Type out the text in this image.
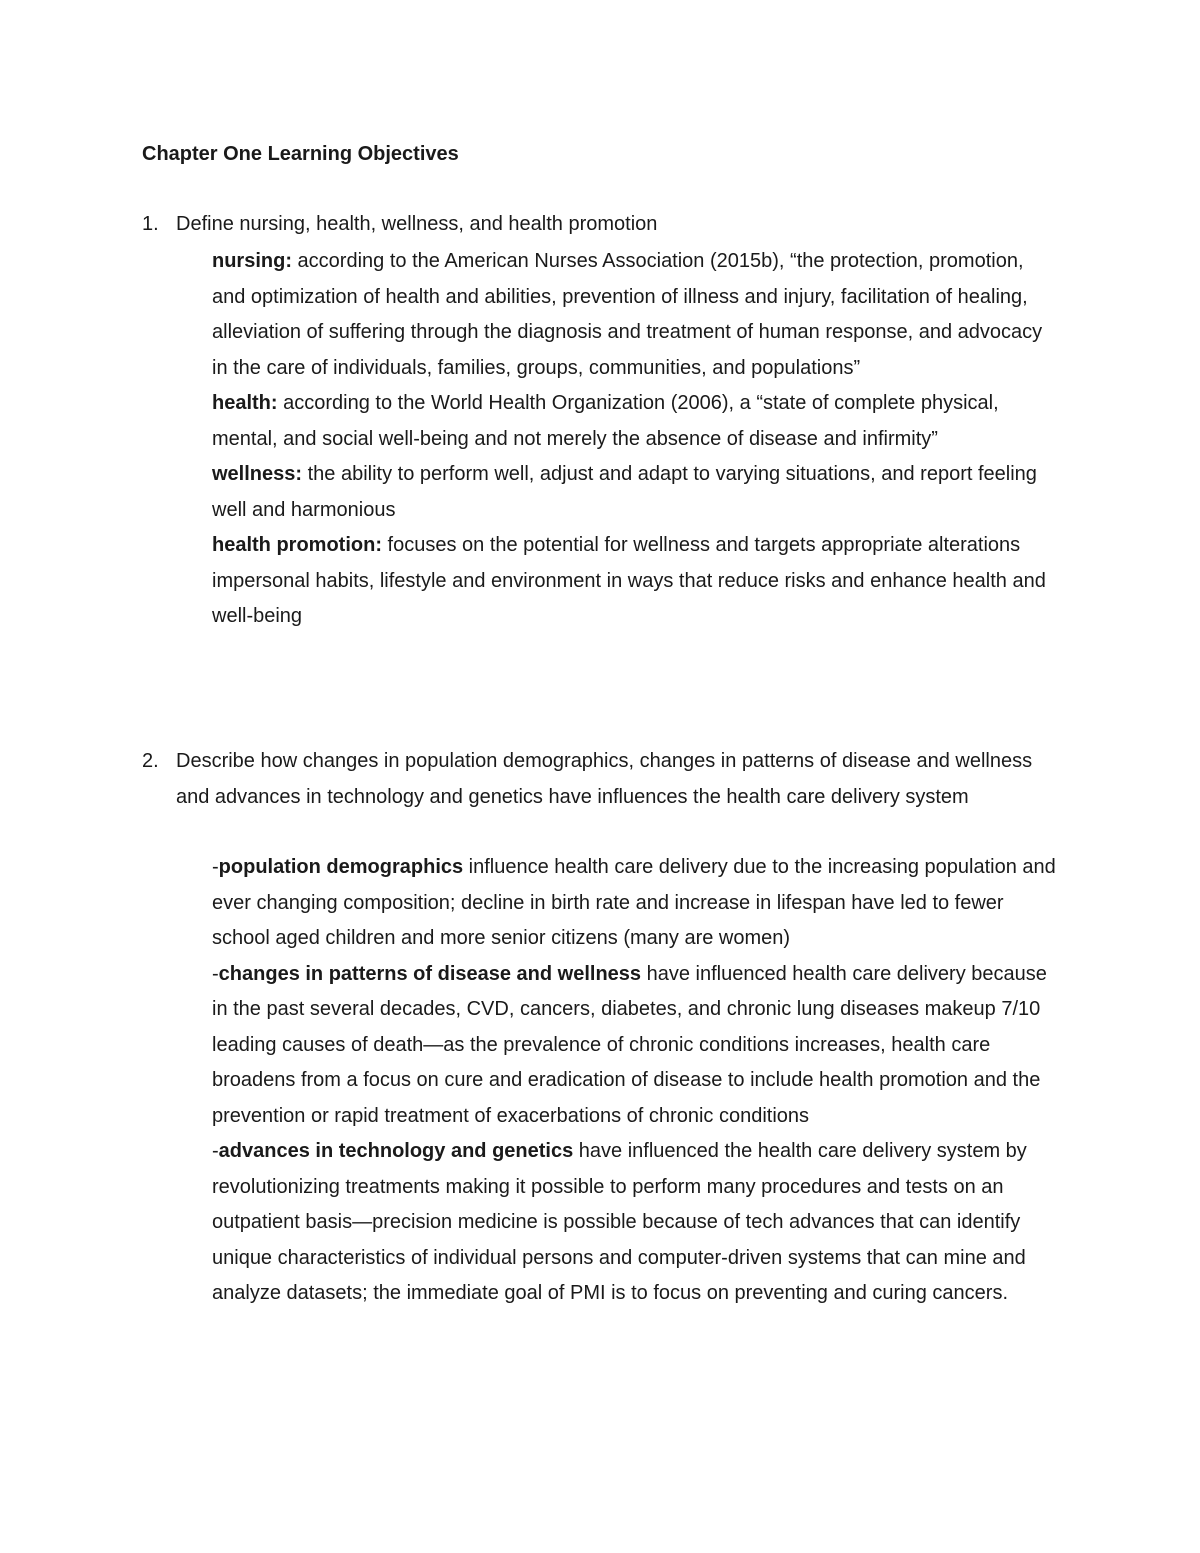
Chapter One Learning Objectives
1. Define nursing, health, wellness, and health promotion
nursing: according to the American Nurses Association (2015b), “the protection, promotion, and optimization of health and abilities, prevention of illness and injury, facilitation of healing, alleviation of suffering through the diagnosis and treatment of human response, and advocacy in the care of individuals, families, groups, communities, and populations”
health: according to the World Health Organization (2006), a “state of complete physical, mental, and social well-being and not merely the absence of disease and infirmity”
wellness: the ability to perform well, adjust and adapt to varying situations, and report feeling well and harmonious
health promotion: focuses on the potential for wellness and targets appropriate alterations impersonal habits, lifestyle and environment in ways that reduce risks and enhance health and well-being
2. Describe how changes in population demographics, changes in patterns of disease and wellness and advances in technology and genetics have influences the health care delivery system
-population demographics influence health care delivery due to the increasing population and ever changing composition; decline in birth rate and increase in lifespan have led to fewer school aged children and more senior citizens (many are women)
-changes in patterns of disease and wellness have influenced health care delivery because in the past several decades, CVD, cancers, diabetes, and chronic lung diseases makeup 7/10 leading causes of death—as the prevalence of chronic conditions increases, health care broadens from a focus on cure and eradication of disease to include health promotion and the prevention or rapid treatment of exacerbations of chronic conditions
-advances in technology and genetics have influenced the health care delivery system by revolutionizing treatments making it possible to perform many procedures and tests on an outpatient basis—precision medicine is possible because of tech advances that can identify unique characteristics of individual persons and computer-driven systems that can mine and analyze datasets; the immediate goal of PMI is to focus on preventing and curing cancers.
